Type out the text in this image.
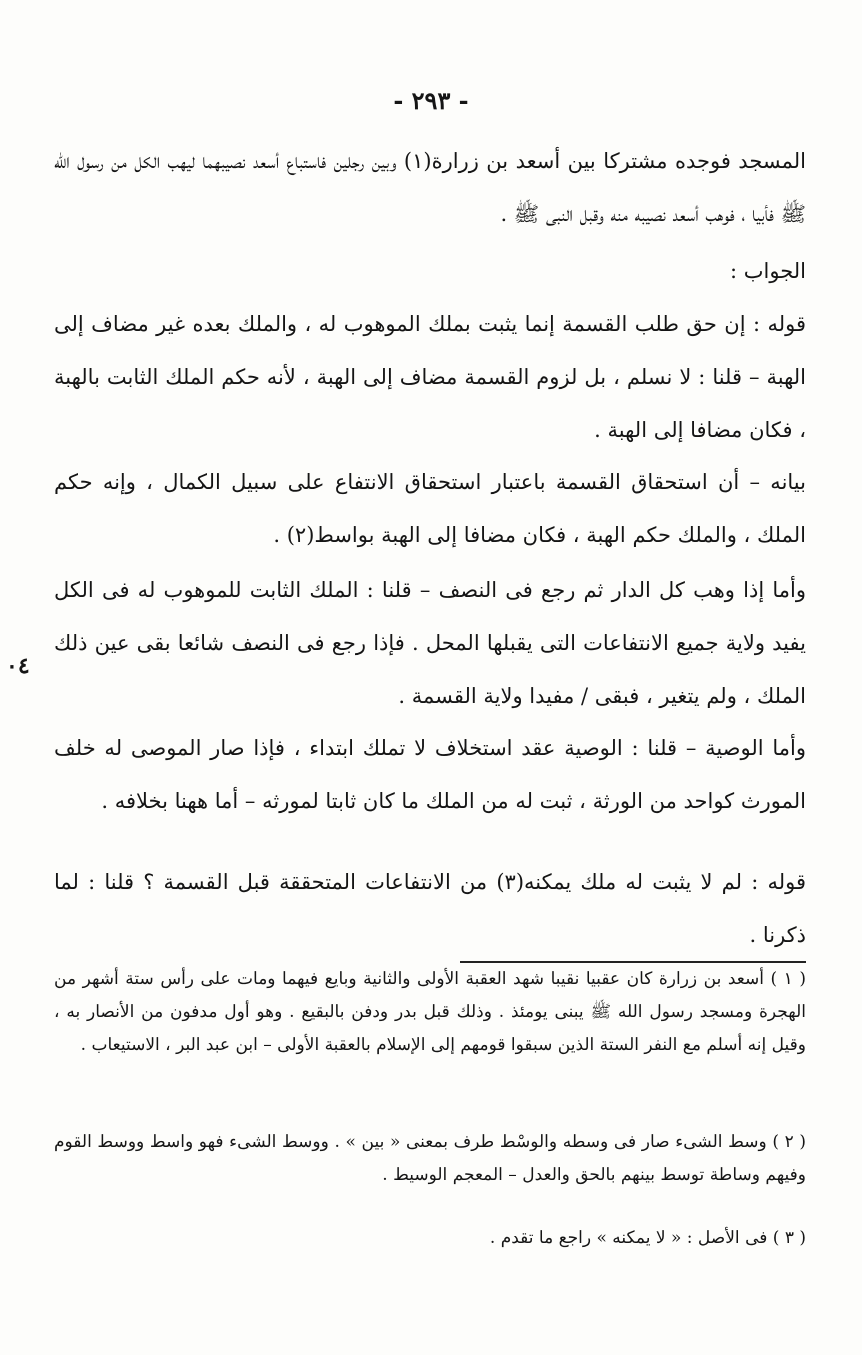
- ٢٩٣ -

المسجد فوجده مشتركا بين أسعد بن زرارة(١) وبين رجلين فاستباع أسعد نصيبهما ليهب الكل من رسول الله ﷺ فأبيا ، فوهب أسعد نصيبه منه وقبل النبى ﷺ .

الجواب :

قوله : إن حق طلب القسمة إنما يثبت بملك الموهوب له ، والملك بعده غير مضاف إلى الهبة – قلنا : لا نسلم ، بل لزوم القسمة مضاف إلى الهبة ، لأنه حكم الملك الثابت بالهبة ، فكان مضافا إلى الهبة .

بيانه – أن استحقاق القسمة باعتبار استحقاق الانتفاع على سبيل الكمال ، وإنه حكم الملك ، والملك حكم الهبة ، فكان مضافا إلى الهبة بواسط(٢) .

وأما إذا وهب كل الدار ثم رجع فى النصف – قلنا : الملك الثابت للموهوب له فى الكل يفيد ولاية جميع الانتفاعات التى يقبلها المحل . فإذا رجع فى النصف شائعا بقى عين ذلك الملك ، ولم يتغير ، فبقى / مفيدا ولاية القسمة .

وأما الوصية – قلنا : الوصية عقد استخلاف لا تملك ابتداء ، فإذا صار الموصى له خلف المورث كواحد من الورثة ، ثبت له من الملك ما كان ثابتا لمورثه – أما ههنا بخلافه .

قوله : لم لا يثبت له ملك يمكنه(٣) من الانتفاعات المتحققة قبل القسمة ؟ قلنا : لما ذكرنا .

٠٤

( ١ ) أسعد بن زرارة كان عقبيا نقيبا شهد العقبة الأولى والثانية وبايع فيهما ومات على رأس ستة أشهر من الهجرة ومسجد رسول الله ﷺ يبنى يومئذ . وذلك قبل بدر ودفن بالبقيع . وهو أول مدفون من الأنصار به ، وقيل إنه أسلم مع النفر الستة الذين سبقوا قومهم إلى الإسلام بالعقبة الأولى – ابن عبد البر ، الاستيعاب .

( ٢ ) وسط الشىء صار فى وسطه والوسْط طرف بمعنى « بين » . ووسط الشىء فهو واسط ووسط القوم وفيهم وساطة توسط بينهم بالحق والعدل – المعجم الوسيط .

( ٣ ) فى الأصل : « لا يمكنه » راجع ما تقدم .
